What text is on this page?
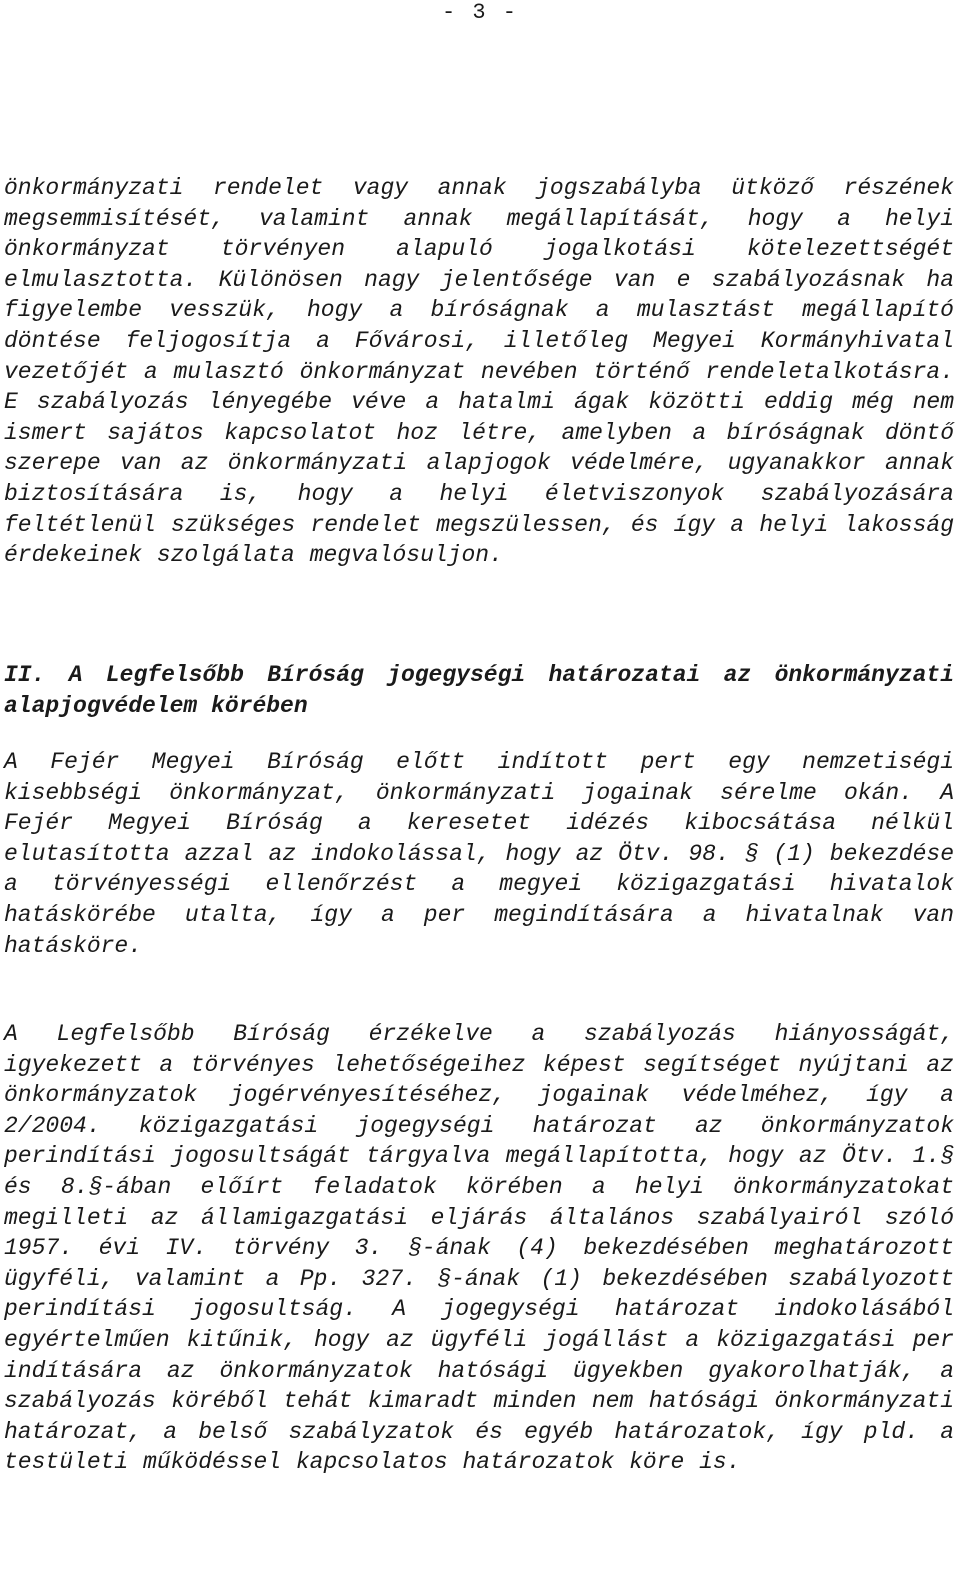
- 3 -

önkormányzati rendelet vagy annak jogszabályba ütköző részének megsemmisítését, valamint annak megállapítását, hogy a helyi önkormányzat törvényen alapuló jogalkotási kötelezettségét elmulasztotta. Különösen nagy jelentősége van e szabályozásnak ha figyelembe vesszük, hogy a bíróságnak a mulasztást megállapító döntése feljogosítja a Fővárosi, illetőleg Megyei Kormányhivatal vezetőjét a mulasztó önkormányzat nevében történő rendeletalkotásra. E szabályozás lényegébe véve a hatalmi ágak közötti eddig még nem ismert sajátos kapcsolatot hoz létre, amelyben a bíróságnak döntő szerepe van az önkormányzati alapjogok védelmére, ugyanakkor annak biztosítására is, hogy a helyi életviszonyok szabályozására feltétlenül szükséges rendelet megszülessen, és így a helyi lakosság érdekeinek szolgálata megvalósuljon.

II. A Legfelsőbb Bíróság jogegységi határozatai az önkormányzati alapjogvédelem körében

A Fejér Megyei Bíróság előtt indított pert egy nemzetiségi kisebbségi önkormányzat, önkormányzati jogainak sérelme okán. A Fejér Megyei Bíróság a keresetet idézés kibocsátása nélkül elutasította azzal az indokolással, hogy az Ötv. 98. § (1) bekezdése a törvényességi ellenőrzést a megyei közigazgatási hivatalok hatáskörébe utalta, így a per megindítására a hivatalnak van hatásköre.

A Legfelsőbb Bíróság érzékelve a szabályozás hiányosságát, igyekezett a törvényes lehetőségeihez képest segítséget nyújtani az önkormányzatok jogérvényesítéséhez, jogainak védelméhez, így a 2/2004. közigazgatási jogegységi határozat az önkormányzatok perindítási jogosultságát tárgyalva megállapította, hogy az Ötv. 1.§ és 8.§-ában előírt feladatok körében a helyi önkormányzatokat megilleti az államigazgatási eljárás általános szabályairól szóló 1957. évi IV. törvény 3. §-ának (4) bekezdésében meghatározott ügyféli, valamint a Pp. 327. §-ának (1) bekezdésében szabályozott perindítási jogosultság. A jogegységi határozat indokolásából egyértelműen kitűnik, hogy az ügyféli jogállást a közigazgatási per indítására az önkormányzatok hatósági ügyekben gyakorolhatják, a szabályozás köréből tehát kimaradt minden nem hatósági önkormányzati határozat, a belső szabályzatok és egyéb határozatok, így pld. a testületi működéssel kapcsolatos határozatok köre is.
